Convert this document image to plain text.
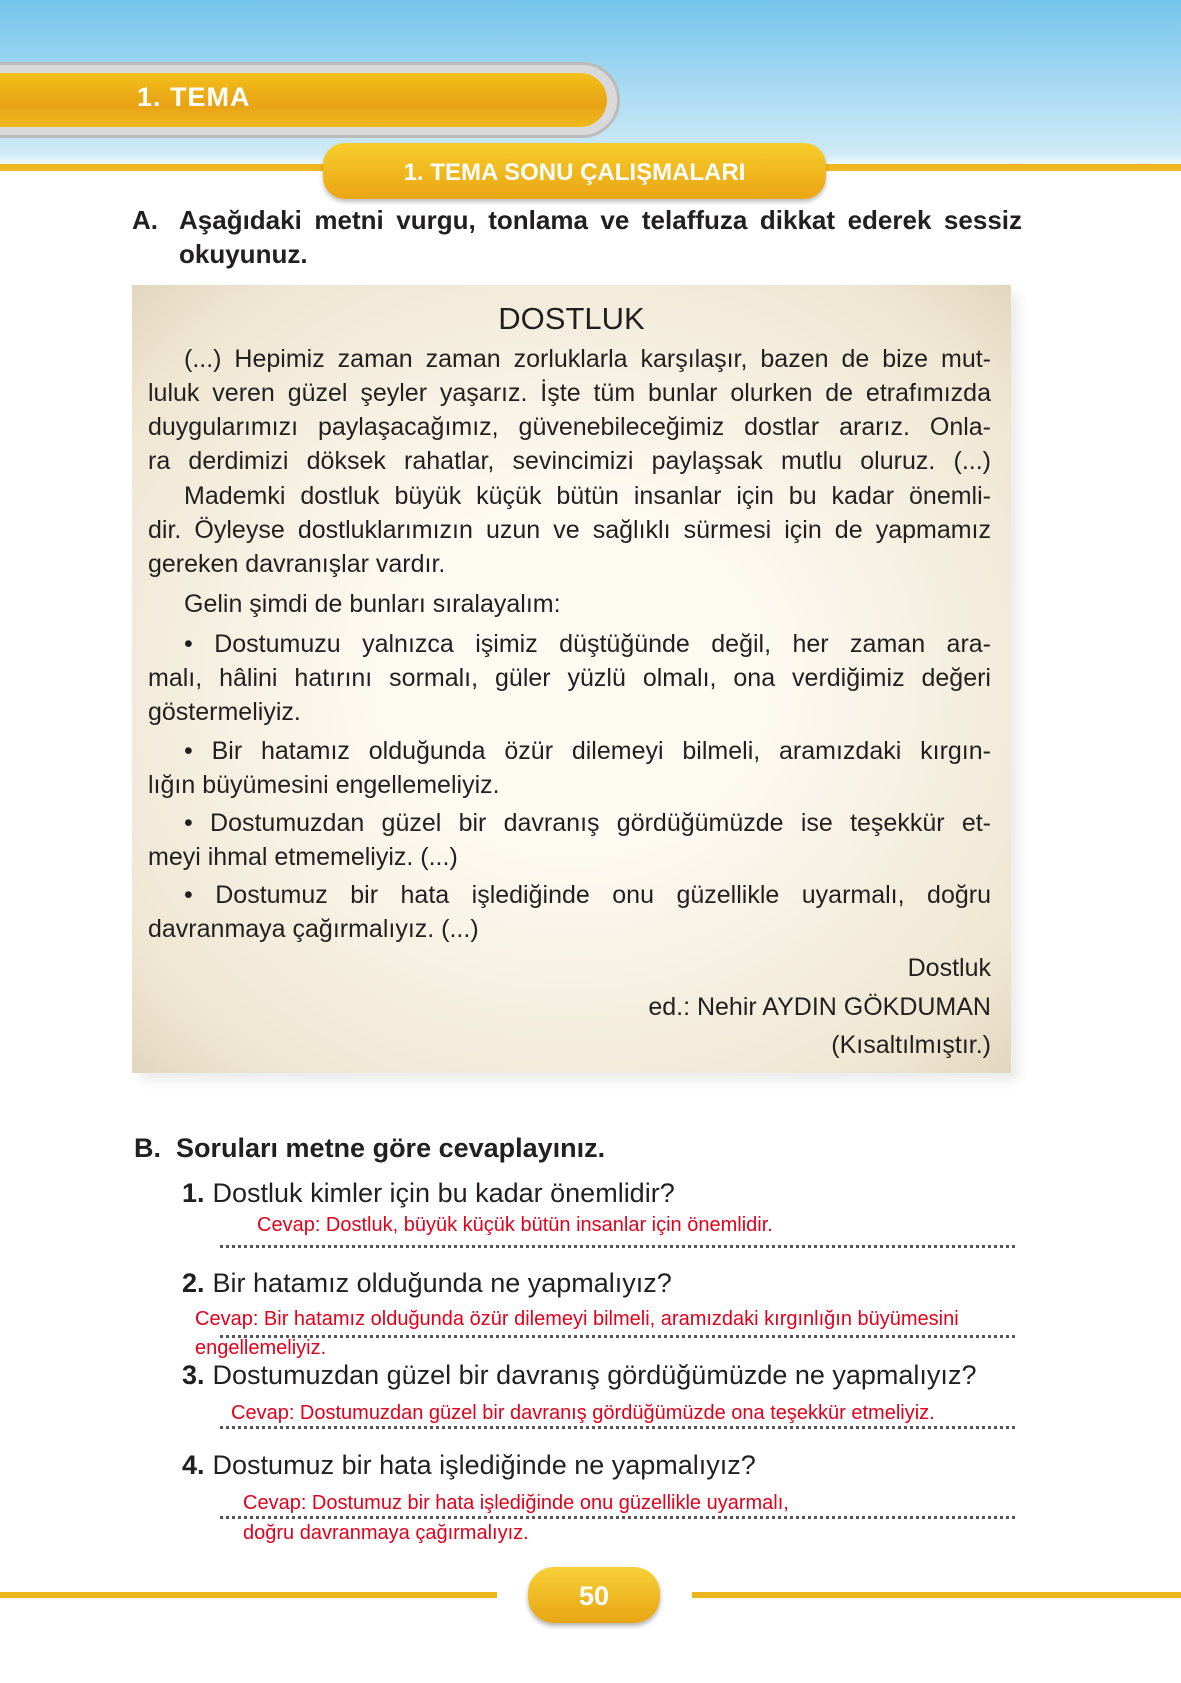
1. TEMA
1. TEMA SONU ÇALIŞMALARI
A. Aşağıdaki metni vurgu, tonlama ve telaffuza dikkat ederek sessiz okuyunuz.
DOSTLUK
(...) Hepimiz zaman zaman zorluklarla karşılaşır, bazen de bize mut-
luluk veren güzel şeyler yaşarız. İşte tüm bunlar olurken de etrafımızda
duygularımızı paylaşacağımız, güvenebileceğimiz dostlar ararız. Onla-
ra derdimizi döksek rahatlar, sevincimizi paylaşsak mutlu oluruz. (...)
Mademki dostluk büyük küçük bütün insanlar için bu kadar önemli-
dir. Öyleyse dostluklarımızın uzun ve sağlıklı sürmesi için de yapmamız
gereken davranışlar vardır.
Gelin şimdi de bunları sıralayalım:
• Dostumuzu yalnızca işimiz düştüğünde değil, her zaman ara-
malı, hâlini hatırını sormalı, güler yüzlü olmalı, ona verdiğimiz değeri
göstermeliyiz.
• Bir hatamız olduğunda özür dilemeyi bilmeli, aramızdaki kırgın-
lığın büyümesini engellemeliyiz.
• Dostumuzdan güzel bir davranış gördüğümüzde ise teşekkür et-
meyi ihmal etmemeliyiz. (...)
• Dostumuz bir hata işlediğinde onu güzellikle uyarmalı, doğru
davranmaya çağırmalıyız. (...)
Dostluk
ed.: Nehir AYDIN GÖKDUMAN
(Kısaltılmıştır.)
B. Soruları metne göre cevaplayınız.
1. Dostluk kimler için bu kadar önemlidir?
Cevap: Dostluk, büyük küçük bütün insanlar için önemlidir.
2. Bir hatamız olduğunda ne yapmalıyız?
Cevap: Bir hatamız olduğunda özür dilemeyi bilmeli, aramızdaki kırgınlığın büyümesini
engellemeliyiz.
3. Dostumuzdan güzel bir davranış gördüğümüzde ne yapmalıyız?
Cevap: Dostumuzdan güzel bir davranış gördüğümüzde ona teşekkür etmeliyiz.
4. Dostumuz bir hata işlediğinde ne yapmalıyız?
Cevap: Dostumuz bir hata işlediğinde onu güzellikle uyarmalı,
doğru davranmaya çağırmalıyız.
50
